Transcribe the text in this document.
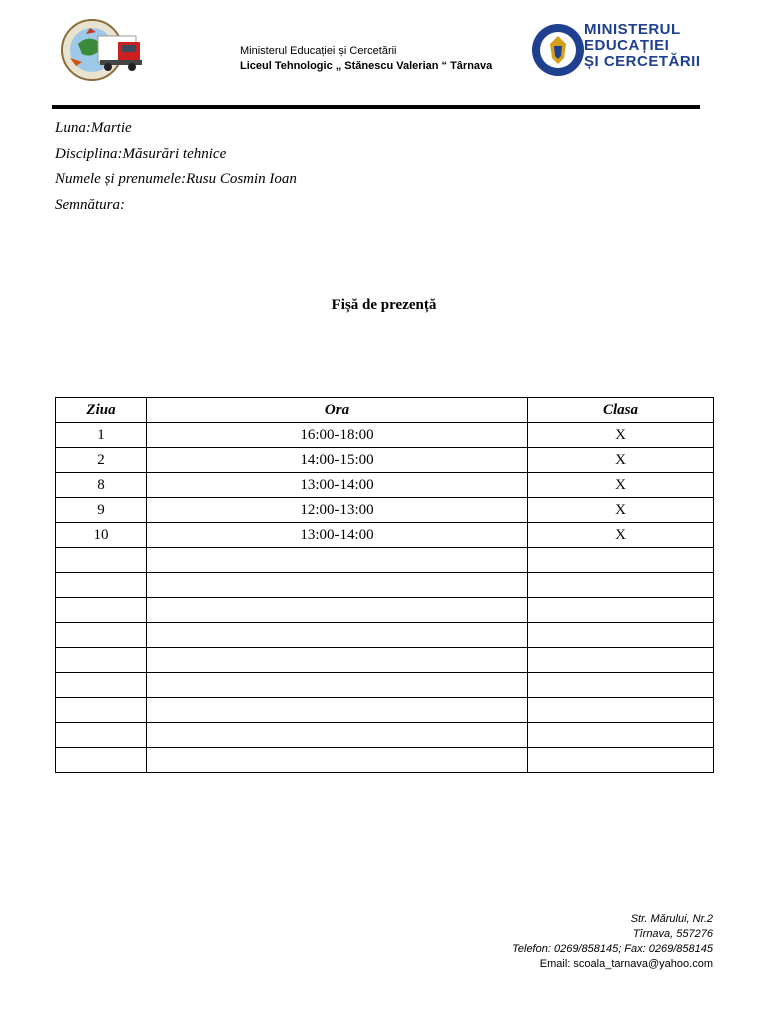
Ministerul Educației și Cercetării
Liceul Tehnologic „ Stănescu Valerian “ Târnava
MINISTERUL
EDUCAȚIEI
ȘI CERCETĂRII
Luna:Martie
Disciplina:Măsurări tehnice
Numele și prenumele:Rusu Cosmin Ioan
Semnătura:
Fișă de prezență
Ziua	Ora	Clasa
1	16:00-18:00	X
2	14:00-15:00	X
8	13:00-14:00	X
9	12:00-13:00	X
10	13:00-14:00	X

Str. Mărului, Nr.2
Tîrnava, 557276
Telefon: 0269/858145; Fax: 0269/858145
Email: scoala_tarnava@yahoo.com
